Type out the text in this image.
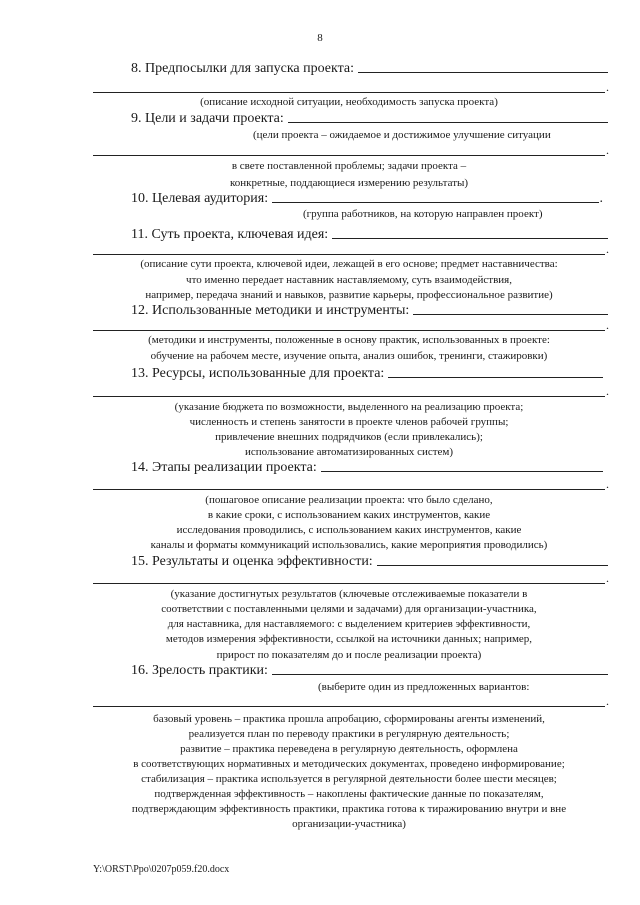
8
8. Предпосылки для запуска проекта:
.
(описание исходной ситуации, необходимость запуска проекта)
9. Цели и задачи проекта:
(цели проекта – ожидаемое и достижимое улучшение ситуации
.
в свете поставленной проблемы; задачи проекта –
конкретные, поддающиеся измерению результаты)
10. Целевая аудитория:	.
(группа работников, на которую направлен проект)
11. Суть проекта, ключевая идея:
.
(описание сути проекта, ключевой идеи, лежащей в его основе; предмет наставничества:
что именно передает наставник наставляемому, суть взаимодействия,
например, передача знаний и навыков, развитие карьеры, профессиональное развитие)
12. Использованные методики и инструменты:
.
(методики и инструменты, положенные в основу практик, использованных в проекте:
обучение на рабочем месте, изучение опыта, анализ ошибок, тренинги, стажировки)
13. Ресурсы, использованные для проекта:
.
(указание бюджета по возможности, выделенного на реализацию проекта;
численность и степень занятости в проекте членов рабочей группы;
привлечение внешних подрядчиков (если привлекались);
использование автоматизированных систем)
14. Этапы реализации проекта:
.
(пошаговое описание реализации проекта: что было сделано,
в какие сроки, с использованием каких инструментов, какие
исследования проводились, с использованием каких инструментов, какие
каналы и форматы коммуникаций использовались, какие мероприятия проводились)
15. Результаты и оценка эффективности:
.
(указание достигнутых результатов (ключевые отслеживаемые показатели в
соответствии с поставленными целями и задачами) для организации-участника,
для наставника, для наставляемого: с выделением критериев эффективности,
методов измерения эффективности, ссылкой на источники данных; например,
прирост по показателям до и после реализации проекта)
16. Зрелость практики:
(выберите один из предложенных вариантов:
.
базовый уровень – практика прошла апробацию, сформированы агенты изменений,
реализуется план по переводу практики в регулярную деятельность;
развитие – практика переведена в регулярную деятельность, оформлена
в соответствующих нормативных и методических документах, проведено информирование;
стабилизация – практика используется в регулярной деятельности более шести месяцев;
подтвержденная эффективность – накоплены фактические данные по показателям,
подтверждающим эффективность практики, практика готова к тиражированию внутри и вне
организации-участника)
Y:\ORST\Ppo\0207p059.f20.docx
